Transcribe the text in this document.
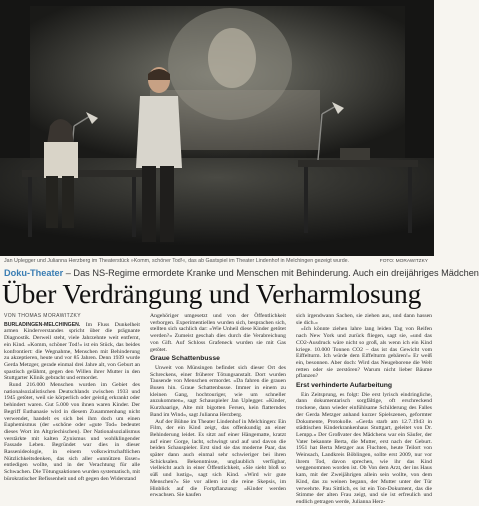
Jan Uplegger und Julianna Herzberg im Theaterstück »Komm, schöner Tod!«, das ab Gastspiel im Theater Lindenhof in Melchingen gezeigt wurde.	FOTO: MORAWITZKY
Doku-Theater – Das NS-Regime ermordete Kranke und Menschen mit Behinderung. Auch ein dreijähriges Mädchen
Über Verdrängung und Verharmlosung

VON THOMAS MORAWITZKY

BURLADINGEN-MELCHINGEN. Im Fluss Dunkelheit armen Kinderverstandes spricht über die prägnante Diagnostik. Derweil steht, viele Jahrzehnte weit entfernt, ein Kind. »Komm, schöner Tod!« ist ein Stück, das beides konfrontiert: die Wegnahme, Menschen mit Behinderung zu akzeptieren, heute und vor 85 Jahren. Denn 1939 wurde Gerda Metzger, gerade einmal drei Jahre alt, von Geburt an spastisch gelähmt, gegen den Willen ihrer Mutter in den Stuttgarter Klinik gebracht und ermordet.

Rund 216.000 Menschen wurden im Gebiet des nationalsozialistischen Deutschlands zwischen 1933 und 1945 getötet, weil sie körperlich oder geistig erkrankt oder behindert waren. Gut 5.000 von ihnen waren Kinder. Der Begriff Euthanasie wird in diesem Zusammenhang nicht verwendet, handelt es sich bei ihm doch um einen Euphemismus (der »schöne oder »gute Tod« bedeutet dieses Wort im Altgriechischen). Der Nationalsozialismus verstärkte mit kalten Zynismus und wohlklingender Fassade Leben. Begründet war dies in dieser Rassenideologie, in einem volkswirtschaftlichen Nützlichkeitsdenken, das sich aller »unnützen Esser« entledigen wollte, und in der Verachtung für alle Schwachen. Die Tötungsaktionen wurden systematisch, mit bürokratischer Befissenheit und oft gegen den Widerstand

Angehöriger umgesetzt und von der Öffentlichkeit verborgen. Experimentiellen wurden sich, besprachen sich, stellten sich sachlich dar: »Wie Unheil diese Kinder getötet werden?« Zumeist geschah dies durch die Verabreichung von Gift. Auf Schloss Grafeneck wurden sie mit Gas getötet.

Graue Schattenbusse

Unweit von Münsingen befindet sich dieser Ort des Schreckens, einer früherer Tötungsanstalt. Dort wurden Tausende von Menschen ermordet. »Da fahren die grauen Busen hin. Graue Schattenbusse. Immer in einem zu kleinen Gang, hochtouriger, wie um schneller anzukommen«, sagt Schauspieler Jan Uplegger. »Kinder, Kurzhaarige, Alte mit bigotten Fersen, kein flatterndes Band im Wind«, sagt Julianna Herzberg.

Auf der Bühne im Theater Lindenhof in Melchingen: Ein Film, der ein Kind zeigt, das offenkundig an einer Behinderung leidet. Es sitzt auf einer Hängematte, kratzt auf einer Gorge, lacht, schwingt und auf und davon die beiden Schauspieler. Erst sind sie das moderne Paar, das später dann auch einmal sehr schwieriger bei ihren Schicksalen. Bekenntnisse, unglaublich verfügbar, vielleicht auch in einer Öffentlichkeit, »Sie sieht bloß so süß und lustig«, sagt sich Kind. »Wird wir gute Menschen?« Sie vor allem ist die reine Skepsis, im Hinblick auf die Fortpflanzung: »Kinder werden erwachsen. Sie kaufen

sich irgendwann Sachen, sie ziehen aus, und dann hassen sie dich.«

»Ich könnte ziehen lahre lang leiden Tag von Reifen nach New York und zurück fliegen, sagt sie, »und das CO2-Ausdruck wäre nicht so groß, als wenn ich ein Kind kriege. 10.000 Tonnen CO2 – das ist das Gewicht vom Eiffelturm. Ich würde dem Eiffelturm gebären!« Er weiß ein, besonnen. Aber doch: Wird das Neugeborene die Welt retten oder sie zerstören? Warum nicht lieber Bäume pflanzen?

Erst verhinderte Aufarbeitung

Ein Zeitsprung, es folgt: Die erst lyrisch eindringliche, dann dokumentarisch sorgfältige, oft erschreckend trockene, dann wieder einfühlsame Schilderung des Falles der Gerda Metzger anhand kurzer Spielszenen, geformter Dokumente, Protokolle. »Gerda starb am 12.7.1943 in städtischen Kinderkrankenhaus Stuttgart, geleitet von Dr. Lempp.« Der Großvater des Mädchens war ein Säufer, der Vater bekannte Berta, die Mutter, erst nach der Geburt. 1951 hat Berta Metzger aus Fluchten, heute Teilort von Weinsach, Landkreis Böblingen, sollte erst 2009, nur vor ihrem Tod, davon sprechen, wie ihr das Kind weggenommen worden ist. Ob Von dem Arzt, der ins Haus kam, mit der Zweijährigen allein sein wollte, von dem Kind, das zu weinen begann, der Mutter unter der Tür verwehrte. Pau Sittlich, es ist ein Ton-Dokument, das die Stimme der alten Frau zeigt, und sie ist erfreulich und endlich getragen werde, Julianna Herz-
